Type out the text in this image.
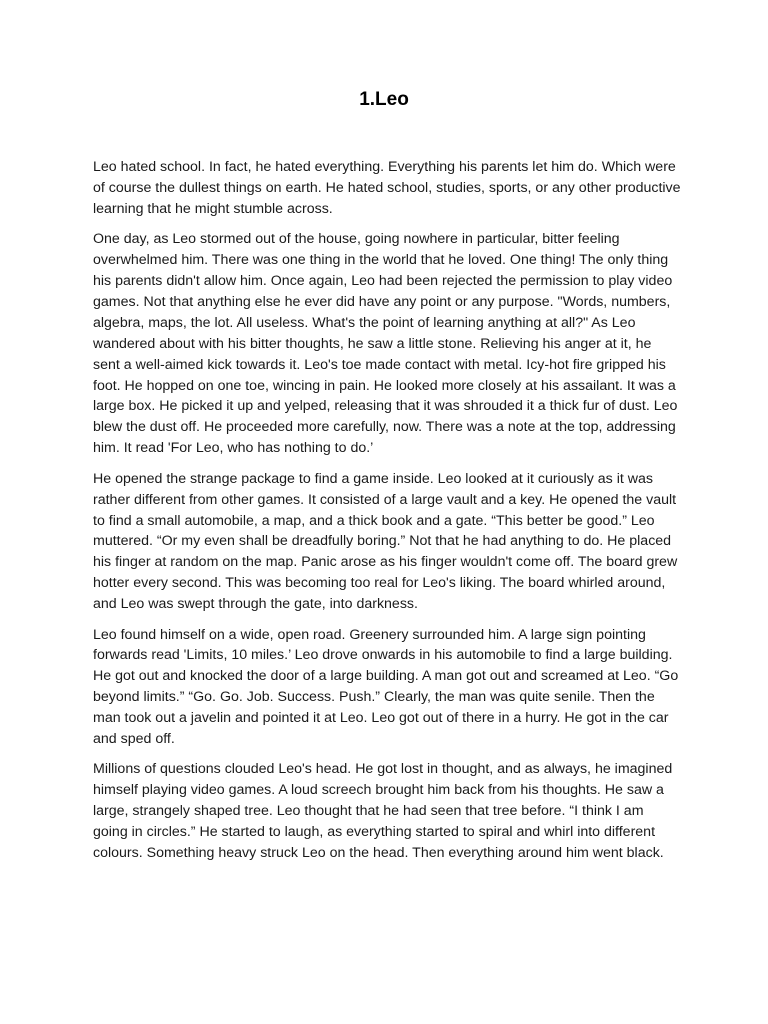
1.Leo

Leo hated school. In fact, he hated everything. Everything his parents let him do. Which were of course the dullest things on earth. He hated school, studies, sports, or any other productive learning that he might stumble across.

One day, as Leo stormed out of the house, going nowhere in particular, bitter feeling overwhelmed him. There was one thing in the world that he loved. One thing! The only thing his parents didn't allow him. Once again, Leo had been rejected the permission to play video games. Not that anything else he ever did have any point or any purpose. "Words, numbers, algebra, maps, the lot. All useless. What's the point of learning anything at all?" As Leo wandered about with his bitter thoughts, he saw a little stone. Relieving his anger at it, he sent a well-aimed kick towards it. Leo's toe made contact with metal. Icy-hot fire gripped his foot. He hopped on one toe, wincing in pain. He looked more closely at his assailant. It was a large box. He picked it up and yelped, releasing that it was shrouded it a thick fur of dust. Leo blew the dust off. He proceeded more carefully, now. There was a note at the top, addressing him. It read 'For Leo, who has nothing to do.’

He opened the strange package to find a game inside. Leo looked at it curiously as it was rather different from other games. It consisted of a large vault and a key. He opened the vault to find a small automobile, a map, and a thick book and a gate. “This better be good.” Leo muttered. “Or my even shall be dreadfully boring.” Not that he had anything to do. He placed his finger at random on the map. Panic arose as his finger wouldn't come off. The board grew hotter every second. This was becoming too real for Leo's liking. The board whirled around, and Leo was swept through the gate, into darkness.

Leo found himself on a wide, open road. Greenery surrounded him. A large sign pointing forwards read 'Limits, 10 miles.’ Leo drove onwards in his automobile to find a large building. He got out and knocked the door of a large building. A man got out and screamed at Leo. “Go beyond limits.” “Go. Go. Job. Success. Push.” Clearly, the man was quite senile. Then the man took out a javelin and pointed it at Leo. Leo got out of there in a hurry. He got in the car and sped off.

Millions of questions clouded Leo's head. He got lost in thought, and as always, he imagined himself playing video games. A loud screech brought him back from his thoughts. He saw a large, strangely shaped tree. Leo thought that he had seen that tree before. “I think I am going in circles.” He started to laugh, as everything started to spiral and whirl into different colours. Something heavy struck Leo on the head. Then everything around him went black.
